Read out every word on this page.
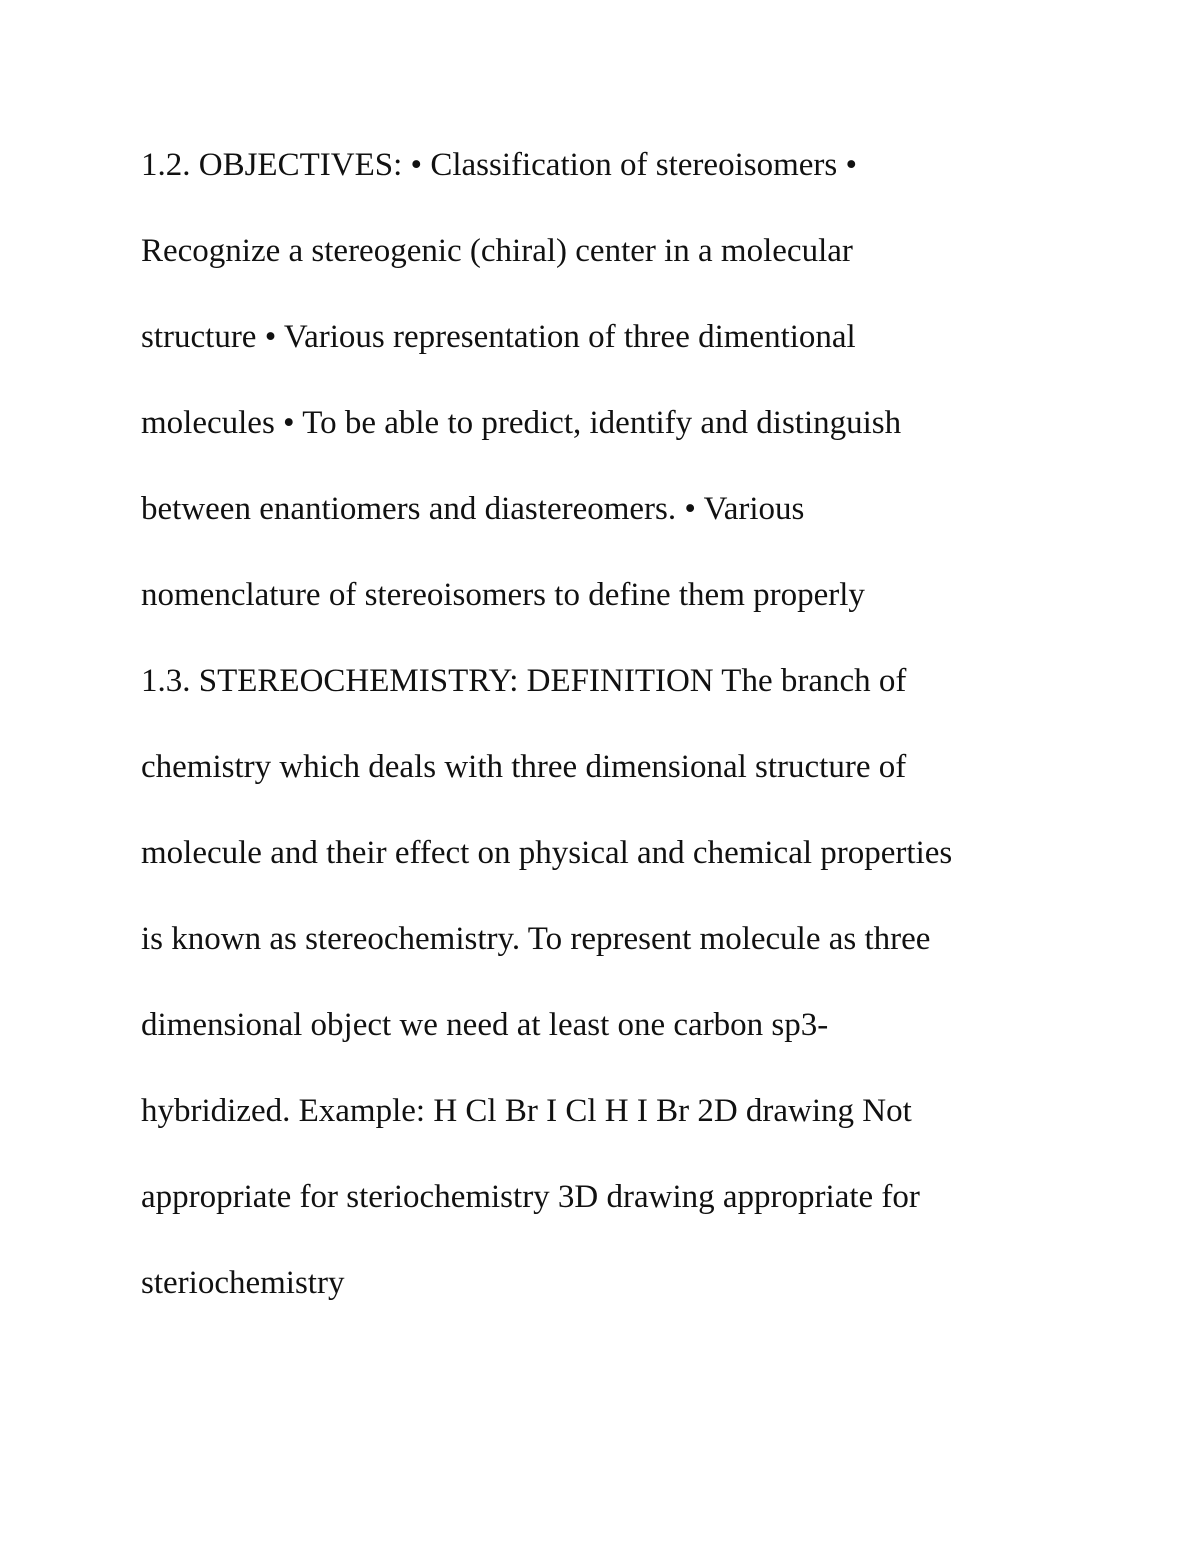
1.2. OBJECTIVES: • Classification of stereoisomers •
Recognize a stereogenic (chiral) center in a molecular
structure • Various representation of three dimentional
molecules • To be able to predict, identify and distinguish
between enantiomers and diastereomers. • Various
nomenclature of stereoisomers to define them properly
1.3. STEREOCHEMISTRY: DEFINITION The branch of
chemistry which deals with three dimensional structure of
molecule and their effect on physical and chemical properties
is known as stereochemistry. To represent molecule as three
dimensional object we need at least one carbon sp3-
hybridized. Example: H Cl Br I Cl H I Br 2D drawing Not
appropriate for steriochemistry 3D drawing appropriate for
steriochemistry
